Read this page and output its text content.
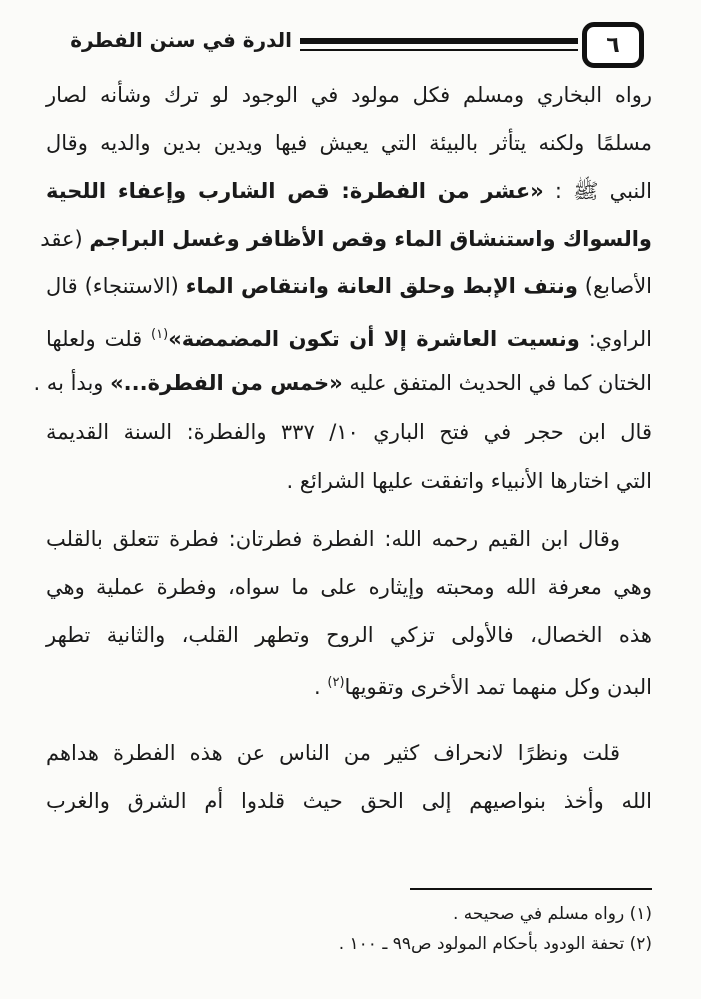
٦
الدرة في سنن الفطرة
رواه البخاري ومسلم فكل مولود في الوجود لو ترك وشأنه لصار
مسلمًا ولكنه يتأثر بالبيئة التي يعيش فيها ويدين بدين والديه وقال
النبي ﷺ : «عشر من الفطرة: قص الشارب وإعفاء اللحية
والسواك واستنشاق الماء وقص الأظافر وغسل البراجم (عقد
الأصابع) ونتف الإبط وحلق العانة وانتقاص الماء (الاستنجاء) قال
الراوي: ونسيت العاشرة إلا أن تكون المضمضة»$^{(١)}$ قلت ولعلها
الختان كما في الحديث المتفق عليه «خمس من الفطرة...» وبدأ به .
قال ابن حجر في فتح الباري ١٠/ ٣٣٧ والفطرة: السنة القديمة
التي اختارها الأنبياء واتفقت عليها الشرائع .
وقال ابن القيم رحمه الله: الفطرة فطرتان: فطرة تتعلق بالقلب
وهي معرفة الله ومحبته وإيثاره على ما سواه، وفطرة عملية وهي
هذه الخصال، فالأولى تزكي الروح وتطهر القلب، والثانية تطهر
البدن وكل منهما تمد الأخرى وتقويها$^{(٢)}$ .
قلت ونظرًا لانحراف كثير من الناس عن هذه الفطرة هداهم
الله وأخذ بنواصيهم إلى الحق حيث قلدوا أم الشرق والغرب
(١) رواه مسلم في صحيحه .
(٢) تحفة الودود بأحكام المولود ص٩٩ ـ ١٠٠ .
